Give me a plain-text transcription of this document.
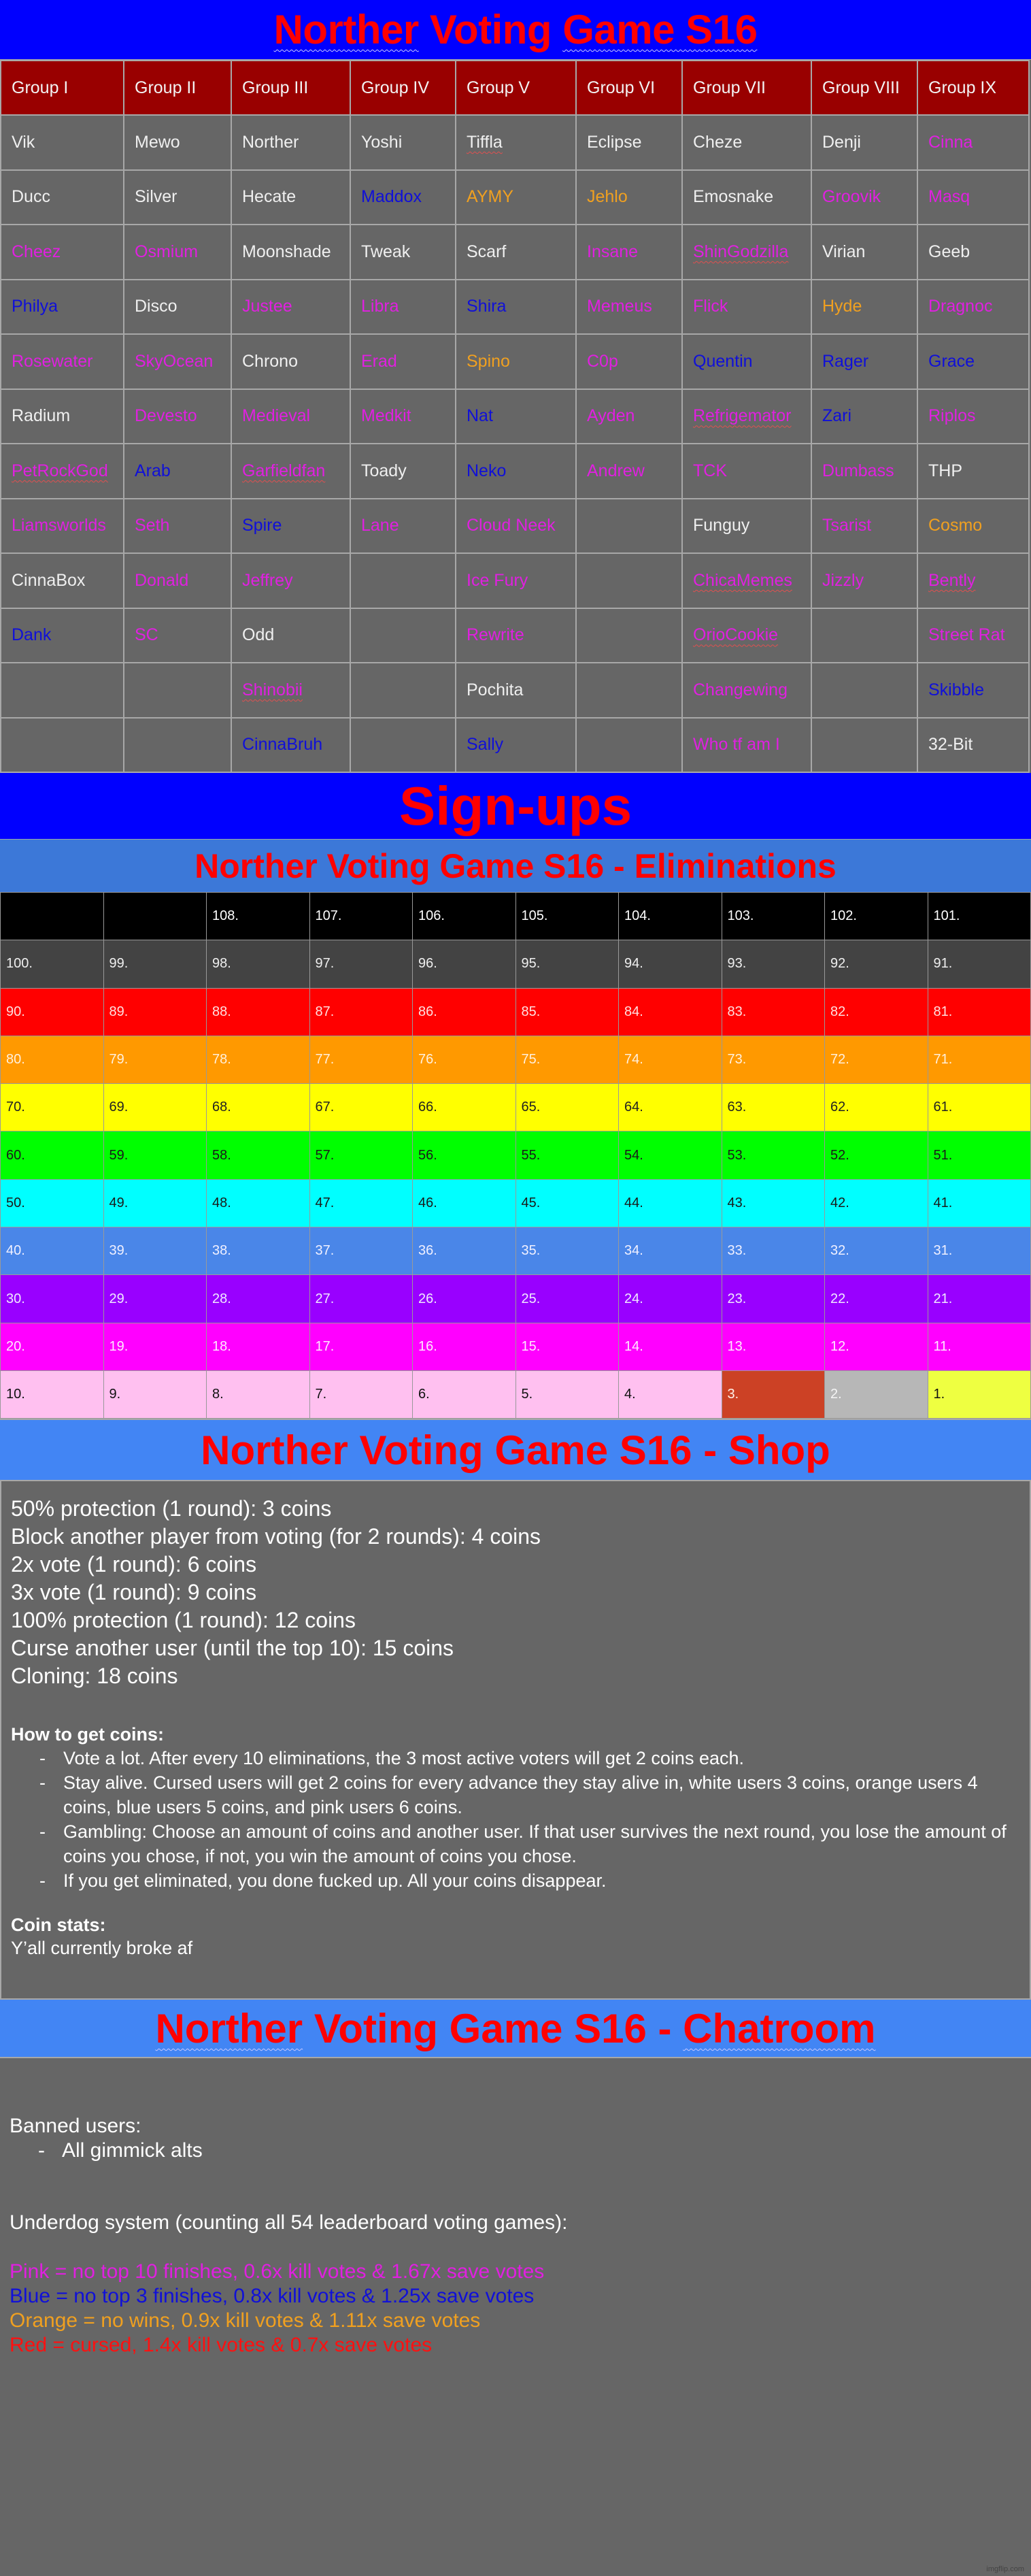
Norther Voting Game S16
Group I	Group II	Group III	Group IV	Group V	Group VI	Group VII	Group VIII	Group IX
Vik	Mewo	Norther	Yoshi	Tiffla	Eclipse	Cheze	Denji	Cinna
Ducc	Silver	Hecate	Maddox	AYMY	Jehlo	Emosnake	Groovik	Masq
Cheez	Osmium	Moonshade	Tweak	Scarf	Insane	ShinGodzilla	Virian	Geeb
Philya	Disco	Justee	Libra	Shira	Memeus	Flick	Hyde	Dragnoc
Rosewater	SkyOcean	Chrono	Erad	Spino	C0p	Quentin	Rager	Grace
Radium	Devesto	Medieval	Medkit	Nat	Ayden	Refrigemator	Zari	Riplos
PetRockGod	Arab	Garfieldfan	Toady	Neko	Andrew	TCK	Dumbass	THP
Liamsworlds	Seth	Spire	Lane	Cloud Neek		Funguy	Tsarist	Cosmo
CinnaBox	Donald	Jeffrey		Ice Fury		ChicaMemes	Jizzly	Bently
Dank	SC	Odd		Rewrite		OrioCookie		Street Rat
		Shinobii		Pochita		Changewing		Skibble
		CinnaBruh		Sally		Who tf am I		32-Bit
Sign-ups
Norther Voting Game S16 - Eliminations
		108.	107.	106.	105.	104.	103.	102.	101.
100.	99.	98.	97.	96.	95.	94.	93.	92.	91.
90.	89.	88.	87.	86.	85.	84.	83.	82.	81.
80.	79.	78.	77.	76.	75.	74.	73.	72.	71.
70.	69.	68.	67.	66.	65.	64.	63.	62.	61.
60.	59.	58.	57.	56.	55.	54.	53.	52.	51.
50.	49.	48.	47.	46.	45.	44.	43.	42.	41.
40.	39.	38.	37.	36.	35.	34.	33.	32.	31.
30.	29.	28.	27.	26.	25.	24.	23.	22.	21.
20.	19.	18.	17.	16.	15.	14.	13.	12.	11.
10.	9.	8.	7.	6.	5.	4.	3.	2.	1.
Norther Voting Game S16 - Shop
50% protection (1 round): 3 coins
Block another player from voting (for 2 rounds): 4 coins
2x vote (1 round): 6 coins
3x vote (1 round): 9 coins
100% protection (1 round): 12 coins
Curse another user (until the top 10): 15 coins
Cloning: 18 coins
How to get coins:
- Vote a lot. After every 10 eliminations, the 3 most active voters will get 2 coins each.
- Stay alive. Cursed users will get 2 coins for every advance they stay alive in, white users 3 coins, orange users 4 coins, blue users 5 coins, and pink users 6 coins.
- Gambling: Choose an amount of coins and another user. If that user survives the next round, you lose the amount of coins you chose, if not, you win the amount of coins you chose.
- If you get eliminated, you done fucked up. All your coins disappear.
Coin stats:
Y’all currently broke af
Norther Voting Game S16 - Chatroom
Banned users:
- All gimmick alts
Underdog system (counting all 54 leaderboard voting games):
Pink = no top 10 finishes, 0.6x kill votes & 1.67x save votes
Blue = no top 3 finishes, 0.8x kill votes & 1.25x save votes
Orange = no wins, 0.9x kill votes & 1.11x save votes
Red = cursed, 1.4x kill votes & 0.7x save votes
imgflip.com
